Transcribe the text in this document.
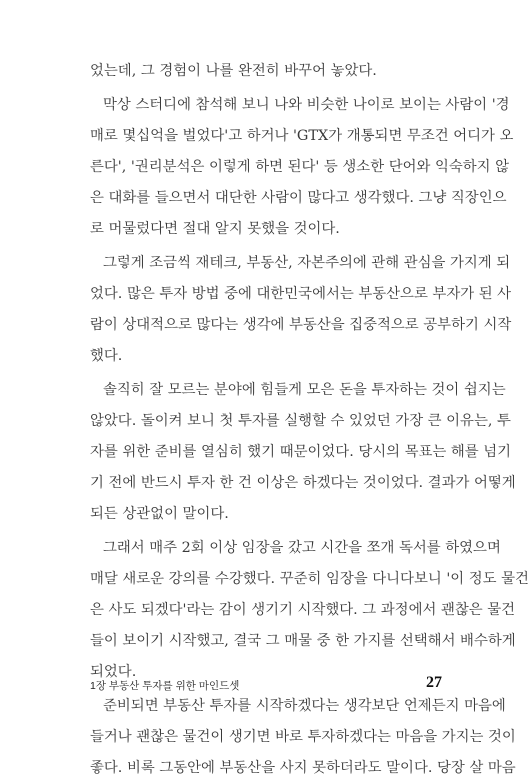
었는데, 그 경험이 나를 완전히 바꾸어 놓았다.
막상 스터디에 참석해 보니 나와 비슷한 나이로 보이는 사람이 '경
매로 몇십억을 벌었다'고 하거나 'GTX가 개통되면 무조건 어디가 오
른다', '권리분석은 이렇게 하면 된다' 등 생소한 단어와 익숙하지 않
은 대화를 들으면서 대단한 사람이 많다고 생각했다. 그냥 직장인으
로 머물렀다면 절대 알지 못했을 것이다.
그렇게 조금씩 재테크, 부동산, 자본주의에 관해 관심을 가지게 되
었다. 많은 투자 방법 중에 대한민국에서는 부동산으로 부자가 된 사
람이 상대적으로 많다는 생각에 부동산을 집중적으로 공부하기 시작
했다.
솔직히 잘 모르는 분야에 힘들게 모은 돈을 투자하는 것이 쉽지는
않았다. 돌이켜 보니 첫 투자를 실행할 수 있었던 가장 큰 이유는, 투
자를 위한 준비를 열심히 했기 때문이었다. 당시의 목표는 해를 넘기
기 전에 반드시 투자 한 건 이상은 하겠다는 것이었다. 결과가 어떻게
되든 상관없이 말이다.
그래서 매주 2회 이상 임장을 갔고 시간을 쪼개 독서를 하였으며
매달 새로운 강의를 수강했다. 꾸준히 임장을 다니다보니 '이 정도 물건
은 사도 되겠다'라는 감이 생기기 시작했다. 그 과정에서 괜찮은 물건
들이 보이기 시작했고, 결국 그 매물 중 한 가지를 선택해서 배수하게
되었다.
준비되면 부동산 투자를 시작하겠다는 생각보단 언제든지 마음에
들거나 괜찮은 물건이 생기면 바로 투자하겠다는 마음을 가지는 것이
좋다. 비록 그동안에 부동산을 사지 못하더라도 말이다. 당장 살 마음
1장 부동산 투자를 위한 마인드셋	27
